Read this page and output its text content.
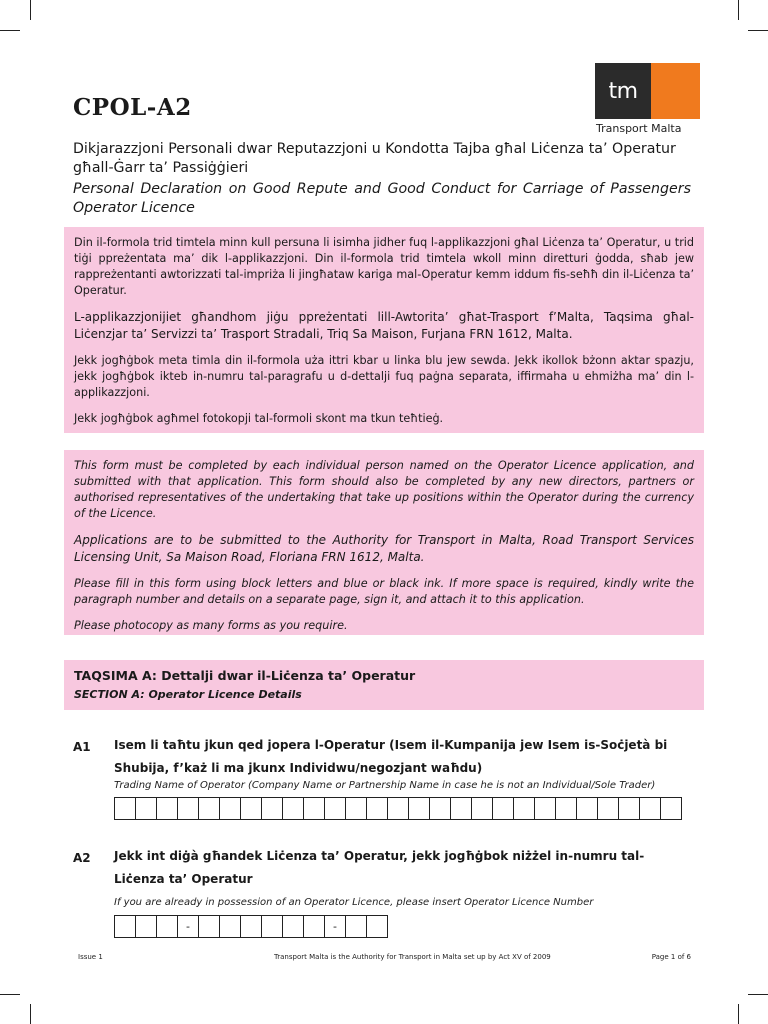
CPOL-A2
tm
Transport Malta
Dikjarazzjoni Personali dwar Reputazzjoni u Kondotta Tajba għal Liċenza ta’ Operatur għall-Ġarr ta’ Passiġġieri
Personal Declaration on Good Repute and Good Conduct for Carriage of Passengers Operator Licence

Din il-formola trid timtela minn kull persuna li isimha jidher fuq l-applikazzjoni għal Liċenza ta’ Operatur, u trid tiġi ppreżentata ma’ dik l-applikazzjoni. Din il-formola trid timtela wkoll minn diretturi ġodda, sħab jew rappreżentanti awtorizzati tal-impriża li jingħataw kariga mal-Operatur kemm iddum fis-seħħ din il-Liċenza ta’ Operatur.

L-applikazzjonijiet għandhom jiġu ppreżentati lill-Awtorita’ għat-Trasport f’Malta, Taqsima għal-Liċenzjar ta’ Servizzi ta’ Trasport Stradali, Triq Sa Maison, Furjana FRN 1612, Malta.

Jekk jogħġbok meta timla din il-formola uża ittri kbar u linka blu jew sewda. Jekk ikollok bżonn aktar spazju, jekk jogħġbok ikteb in-numru tal-paragrafu u d-dettalji fuq paġna separata, iffirmaha u ehmiżha ma’ din l-applikazzjoni.

Jekk jogħġbok agħmel fotokopji tal-formoli skont ma tkun teħtieġ.

This form must be completed by each individual person named on the Operator Licence application, and submitted with that application. This form should also be completed by any new directors, partners or authorised representatives of the undertaking that take up positions within the Operator during the currency of the Licence.

Applications are to be submitted to the Authority for Transport in Malta, Road Transport Services Licensing Unit, Sa Maison Road, Floriana FRN 1612, Malta.

Please fill in this form using block letters and blue or black ink. If more space is required, kindly write the paragraph number and details on a separate page, sign it, and attach it to this application.

Please photocopy as many forms as you require.

TAQSIMA A: Dettalji dwar il-Liċenza ta’ Operatur
SECTION A: Operator Licence Details
A1 Isem li taħtu jkun qed jopera l-Operatur (Isem il-Kumpanija jew Isem is-Soċjetà bi Shubija, f’każ li ma jkunx Individwu/negozjant waħdu)
Trading Name of Operator (Company Name or Partnership Name in case he is not an Individual/Sole Trader)
A2 Jekk int diġà għandek Liċenza ta’ Operatur, jekk jogħġbok niżżel in-numru tal-Liċenza ta’ Operatur
If you are already in possession of an Operator Licence, please insert Operator Licence Number
-	-
Issue 1	Transport Malta is the Authority for Transport in Malta set up by Act XV of 2009	Page 1 of 6
